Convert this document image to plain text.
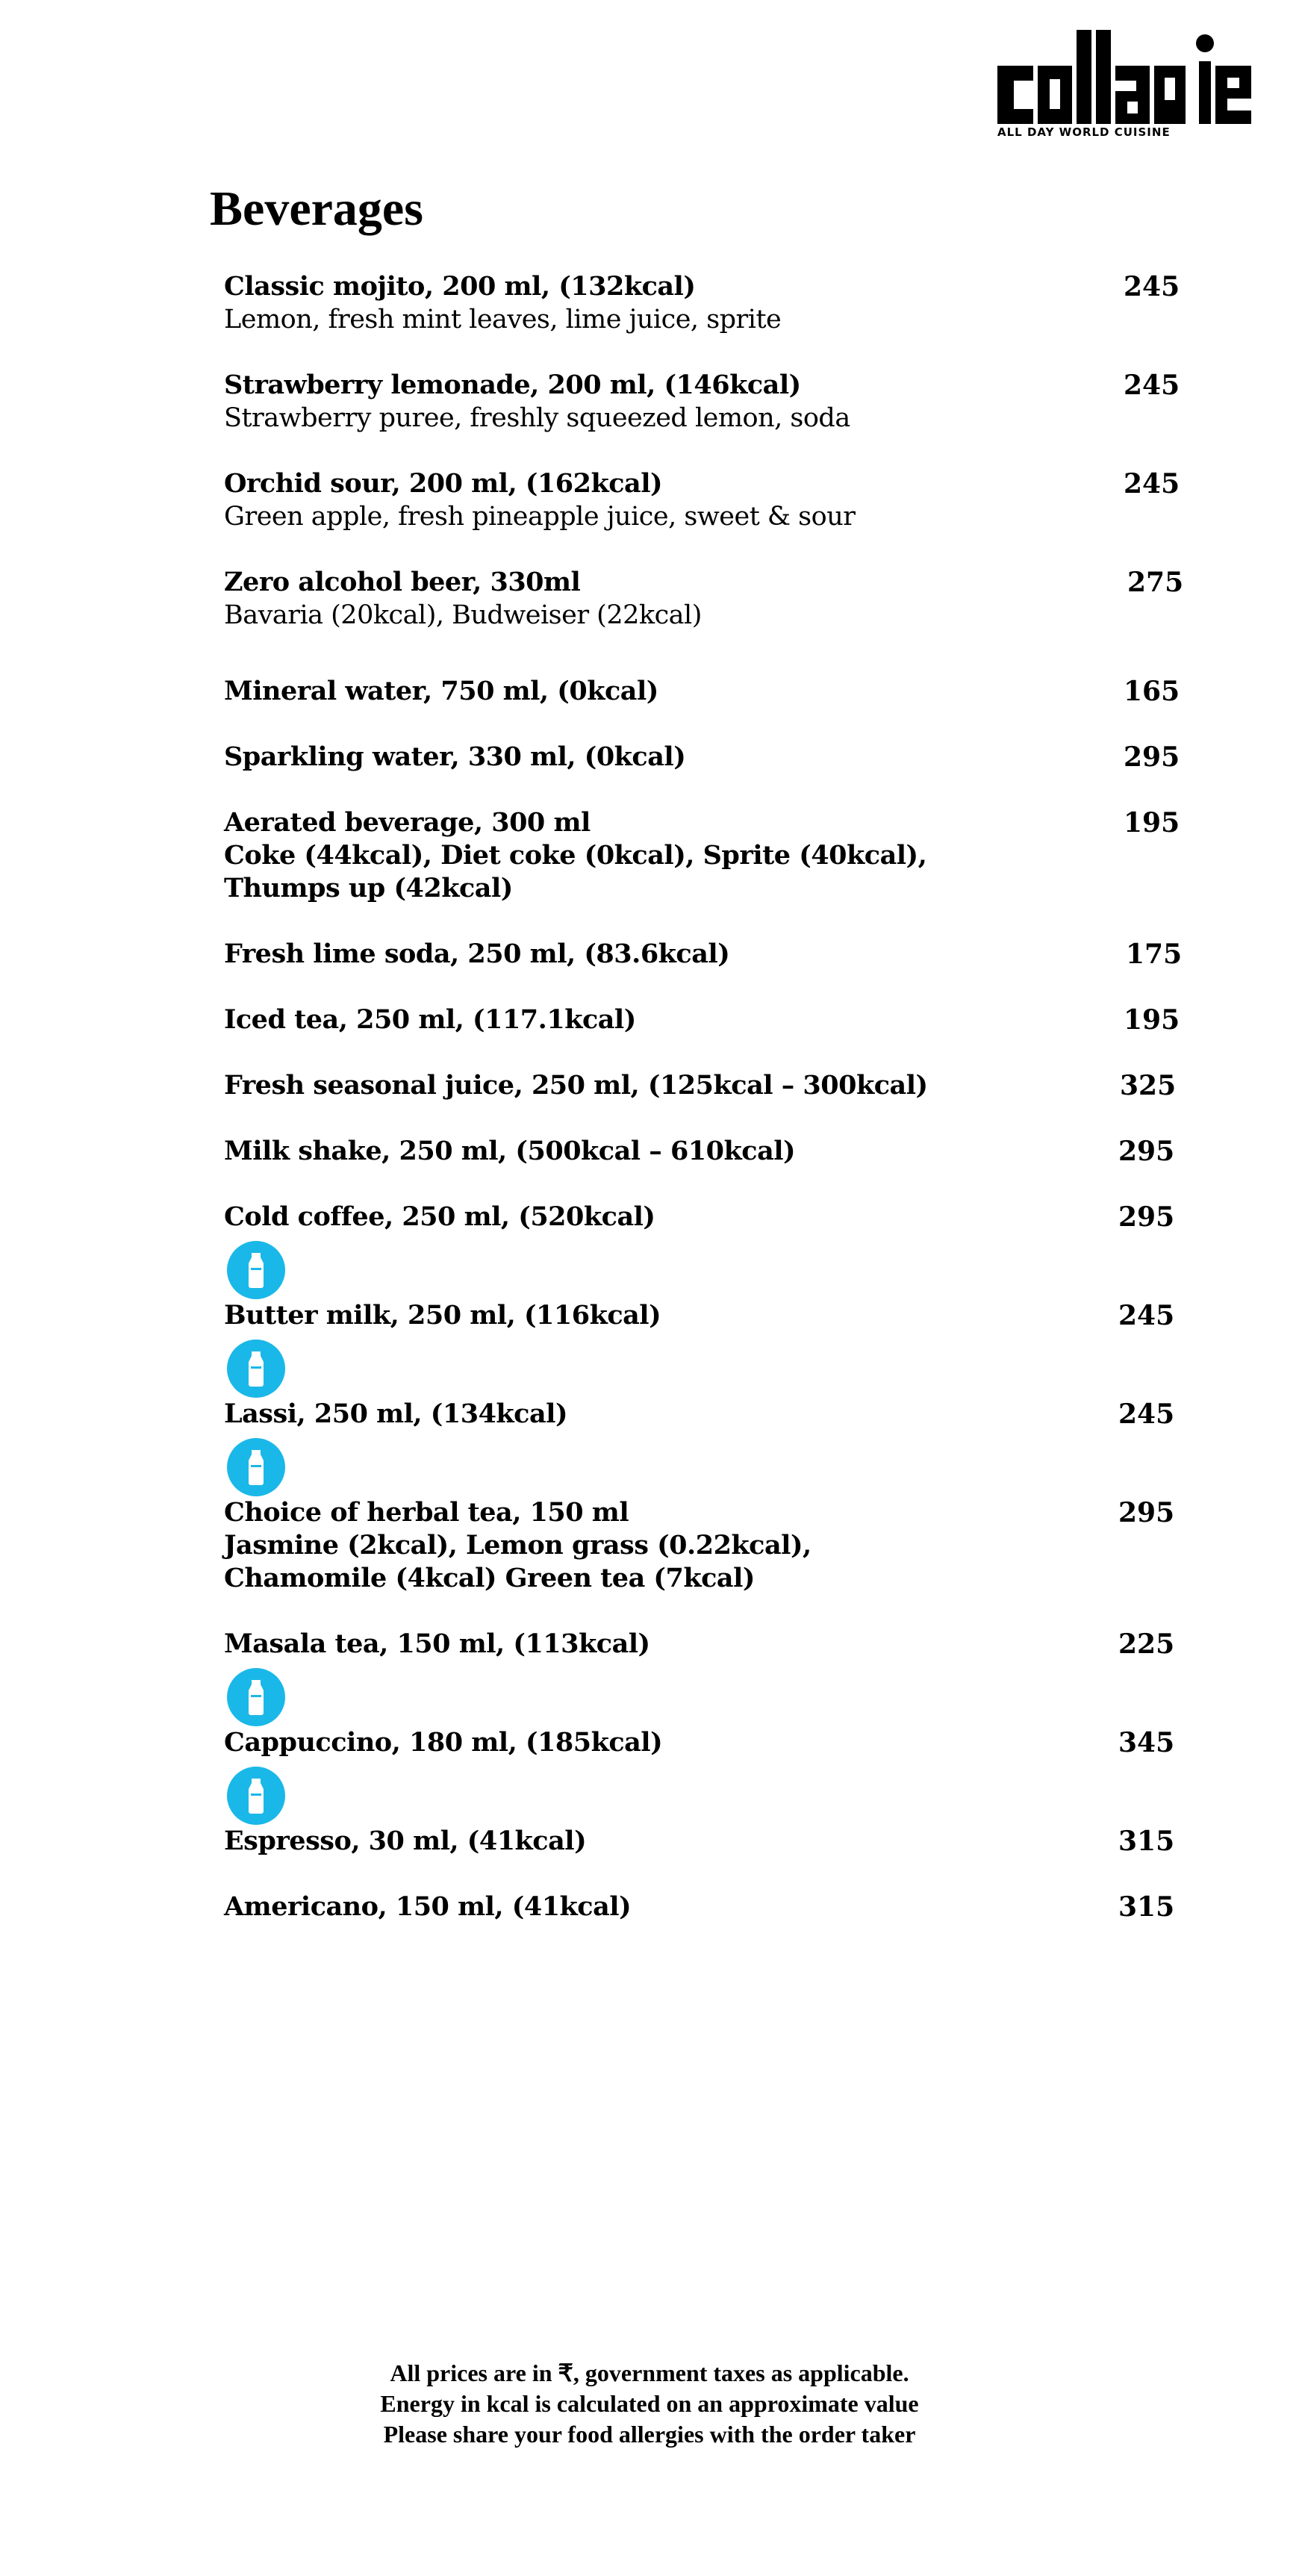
ALL DAY WORLD CUISINE
Beverages
Classic mojito, 200 ml, (132kcal)
Lemon, fresh mint leaves, lime juice, sprite
245
Strawberry lemonade, 200 ml, (146kcal)
Strawberry puree, freshly squeezed lemon, soda
245
Orchid sour, 200 ml, (162kcal)
Green apple, fresh pineapple juice, sweet & sour
245
Zero alcohol beer, 330ml
Bavaria (20kcal), Budweiser (22kcal)
275
Mineral water, 750 ml, (0kcal)	165
Sparkling water, 330 ml, (0kcal)	295
Aerated beverage, 300 ml
Coke (44kcal), Diet coke (0kcal), Sprite (40kcal),
Thumps up (42kcal)
195
Fresh lime soda, 250 ml, (83.6kcal)	175
Iced tea, 250 ml, (117.1kcal)	195
Fresh seasonal juice, 250 ml, (125kcal – 300kcal)	325
Milk shake, 250 ml, (500kcal – 610kcal)	295
Cold coffee, 250 ml, (520kcal)	295
Butter milk, 250 ml, (116kcal)	245
Lassi, 250 ml, (134kcal)	245
Choice of herbal tea, 150 ml
Jasmine (2kcal), Lemon grass (0.22kcal),
Chamomile (4kcal) Green tea (7kcal)
295
Masala tea, 150 ml, (113kcal)	225
Cappuccino, 180 ml, (185kcal)	345
Espresso, 30 ml, (41kcal)	315
Americano, 150 ml, (41kcal)	315
All prices are in ₹, government taxes as applicable.
Energy in kcal is calculated on an approximate value
Please share your food allergies with the order taker
